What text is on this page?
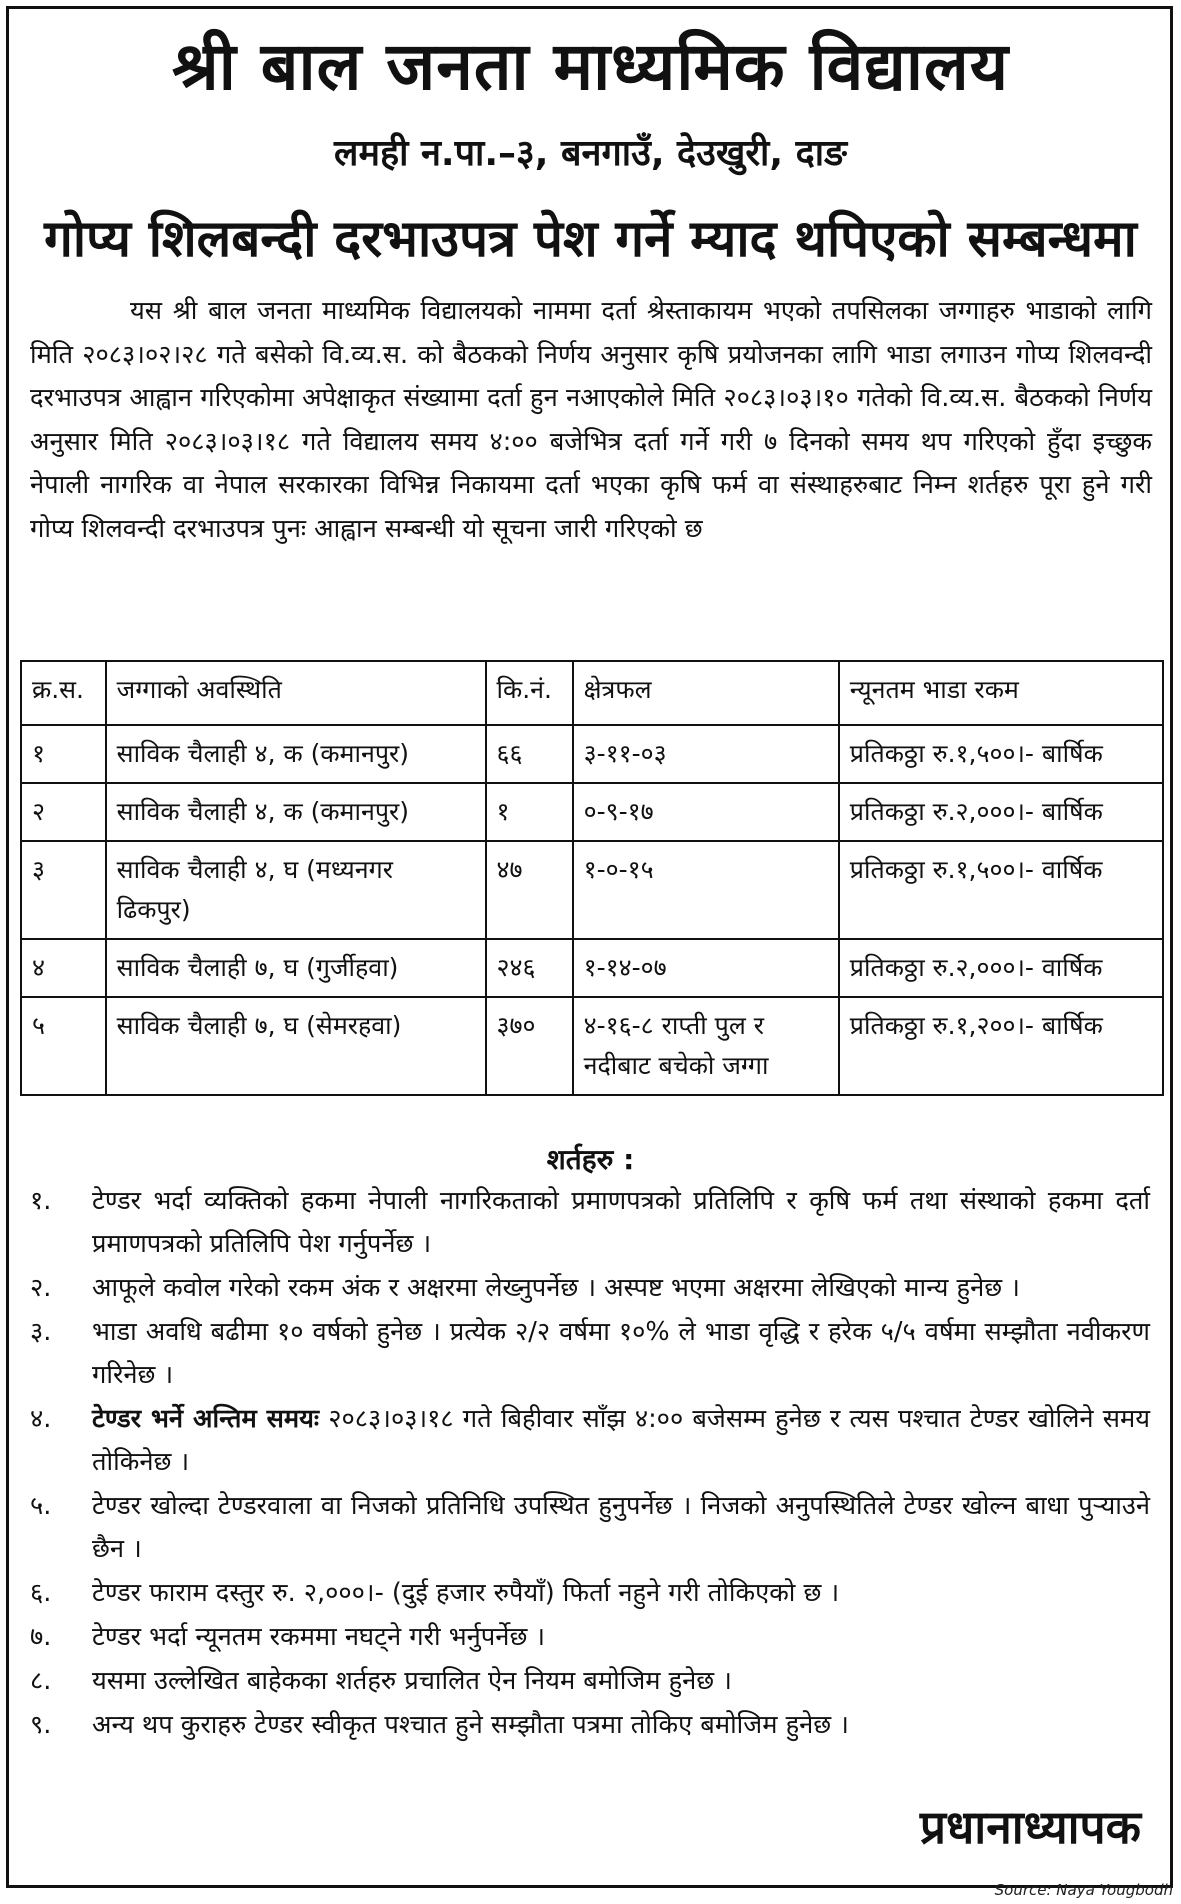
श्री बाल जनता माध्यमिक विद्यालय
लमही न.पा.–३, बनगाउँ, देउखुरी, दाङ
गोप्य शिलबन्दी दरभाउपत्र पेश गर्ने म्याद थपिएको सम्बन्धमा

यस श्री बाल जनता माध्यमिक विद्यालयको नाममा दर्ता श्रेस्ताकायम भएको तपसिलका जग्गाहरु भाडाको लागि मिति २०८३।०२।२८ गते बसेको वि.व्य.स. को बैठकको निर्णय अनुसार कृषि प्रयोजनका लागि भाडा लगाउन गोप्य शिलवन्दी दरभाउपत्र आह्वान गरिएकोमा अपेक्षाकृत संख्यामा दर्ता हुन नआएकोले मिति २०८३।०३।१० गतेको वि.व्य.स. बैठकको निर्णय अनुसार मिति २०८३।०३।१८ गते विद्यालय समय ४:०० बजेभित्र दर्ता गर्ने गरी ७ दिनको समय थप गरिएको हुँदा इच्छुक नेपाली नागरिक वा नेपाल सरकारका विभिन्न निकायमा दर्ता भएका कृषि फर्म वा संस्थाहरुबाट निम्न शर्तहरु पूरा हुने गरी गोप्य शिलवन्दी दरभाउपत्र पुनः आह्वान सम्बन्धी यो सूचना जारी गरिएको छ

क्र.स.	जग्गाको अवस्थिति	कि.नं.	क्षेत्रफल	न्यूनतम भाडा रकम
१	साविक चैलाही ४, क (कमानपुर)	६६	३-११-०३	प्रतिकठ्ठा रु.१,५००।- बार्षिक
२	साविक चैलाही ४, क (कमानपुर)	१	०-९-१७	प्रतिकठ्ठा रु.२,०००।- बार्षिक
३	साविक चैलाही ४, घ (मध्यनगर ढिकपुर)	४७	१-०-१५	प्रतिकठ्ठा रु.१,५००।- वार्षिक
४	साविक चैलाही ७, घ (गुर्जीहवा)	२४६	१-१४-०७	प्रतिकठ्ठा रु.२,०००।- वार्षिक
५	साविक चैलाही ७, घ (सेमरहवा)	३७०	४-१६-८ राप्ती पुल र नदीबाट बचेको जग्गा	प्रतिकठ्ठा रु.१,२००।- बार्षिक
शर्तहरु :
१. टेण्डर भर्दा व्यक्तिको हकमा नेपाली नागरिकताको प्रमाणपत्रको प्रतिलिपि र कृषि फर्म तथा संस्थाको हकमा दर्ता प्रमाणपत्रको प्रतिलिपि पेश गर्नुपर्नेछ ।
२. आफूले कवोल गरेको रकम अंक र अक्षरमा लेख्नुपर्नेछ । अस्पष्ट भएमा अक्षरमा लेखिएको मान्य हुनेछ ।
३. भाडा अवधि बढीमा १० वर्षको हुनेछ । प्रत्येक २/२ वर्षमा १०% ले भाडा वृद्धि र हरेक ५/५ वर्षमा सम्झौता नवीकरण गरिनेछ ।
४. टेण्डर भर्ने अन्तिम समयः २०८३।०३।१८ गते बिहीवार साँझ ४:०० बजेसम्म हुनेछ र त्यस पश्चात टेण्डर खोलिने समय तोकिनेछ ।
५. टेण्डर खोल्दा टेण्डरवाला वा निजको प्रतिनिधि उपस्थित हुनुपर्नेछ । निजको अनुपस्थितिले टेण्डर खोल्न बाधा पुऱ्याउने छैन ।
६. टेण्डर फाराम दस्तुर रु. २,०००।- (दुई हजार रुपैयाँ) फिर्ता नहुने गरी तोकिएको छ ।
७. टेण्डर भर्दा न्यूनतम रकममा नघट्ने गरी भर्नुपर्नेछ ।
८. यसमा उल्लेखित बाहेकका शर्तहरु प्रचालित ऐन नियम बमोजिम हुनेछ ।
९. अन्य थप कुराहरु टेण्डर स्वीकृत पश्चात हुने सम्झौता पत्रमा तोकिए बमोजिम हुनेछ ।
प्रधानाध्यापक
Source: Naya Yougbodh
